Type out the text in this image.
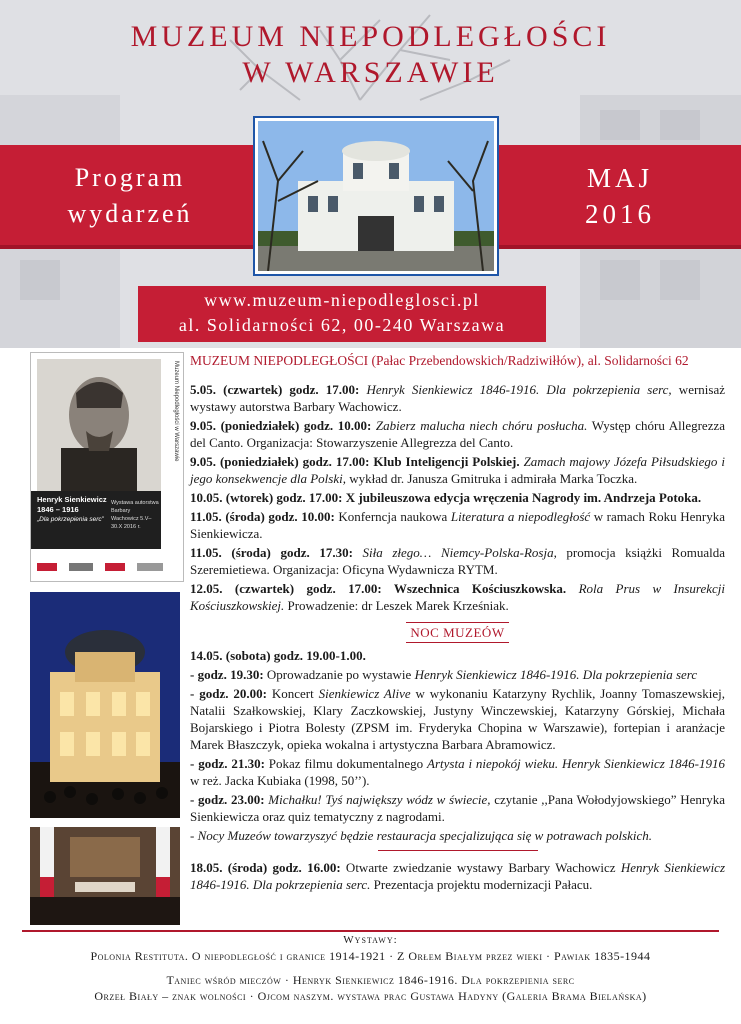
MUZEUM NIEPODLEGŁOŚCI
W WARSZAWIE
Program
wydarzeń
MAJ
2016
www.muzeum-niepodleglosci.pl
al. Solidarności 62, 00-240 Warszawa
Henryk Sienkiewicz
1846 – 1916
„Dla pokrzepienia serc”
Wystawa autorstwa Barbary Wachowicz 5.V–30.X 2016 r.
Muzeum Niepodległości w Warszawie

MUZEUM NIEPODLEGŁOŚCI (Pałac Przebendowskich/Radziwiłłów), al. Solidarności 62

5.05. (czwartek) godz. 17.00: Henryk Sienkiewicz 1846-1916. Dla pokrzepienia serc, wernisaż wystawy autorstwa Barbary Wachowicz.

9.05. (poniedziałek) godz. 10.00: Zabierz malucha niech chóru posłucha. Występ chóru Allegrezza del Canto. Organizacja: Stowarzyszenie Allegrezza del Canto.

9.05. (poniedziałek) godz. 17.00: Klub Inteligencji Polskiej. Zamach majowy Józefa Piłsudskiego i jego konsekwencje dla Polski, wykład dr. Janusza Gmitruka i admirała Marka Toczka.

10.05. (wtorek) godz. 17.00: X jubileuszowa edycja wręczenia Nagrody im. Andrzeja Potoka.

11.05. (środa) godz. 10.00: Konferncja naukowa Literatura a niepodległość w ramach Roku Henryka Sienkiewicza.

11.05. (środa) godz. 17.30: Siła złego… Niemcy-Polska-Rosja, promocja książki Romualda Szeremietiewa. Organizacja: Oficyna Wydawnicza RYTM.

12.05. (czwartek) godz. 17.00: Wszechnica Kościuszkowska. Rola Prus w Insurekcji Kościuszkowskiej. Prowadzenie: dr Leszek Marek Krześniak.

NOC MUZEÓW

14.05. (sobota) godz. 19.00-1.00.

- godz. 19.30: Oprowadzanie po wystawie Henryk Sienkiewicz 1846-1916. Dla pokrzepienia serc

- godz. 20.00: Koncert Sienkiewicz Alive w wykonaniu Katarzyny Rychlik, Joanny Tomaszewskiej, Natalii Szałkowskiej, Klary Zaczkowskiej, Justyny Winczewskiej, Katarzyny Górskiej, Michała Bojarskiego i Piotra Bolesty (ZPSM im. Fryderyka Chopina w Warszawie), fortepian i aranżacje Marek Błaszczyk, opieka wokalna i artystyczna Barbara Abramowicz.

- godz. 21.30: Pokaz filmu dokumentalnego Artysta i niepokój wieku. Henryk Sienkiewicz 1846-1916 w reż. Jacka Kubiaka (1998, 50’’).

- godz. 23.00: Michałku! Tyś największy wódz w świecie, czytanie ,,Pana Wołodyjowskiego” Henryka Sienkiewicza oraz quiz tematyczny z nagrodami.

- Nocy Muzeów towarzyszyć będzie restauracja specjalizująca się w potrawach polskich.

18.05. (środa) godz. 16.00: Otwarte zwiedzanie wystawy Barbary Wachowicz Henryk Sienkiewicz 1846-1916. Dla pokrzepienia serc. Prezentacja projektu modernizacji Pałacu.

Wystawy:
Polonia Restituta. O niepodległość i granice 1914-1921 · Z Orłem Białym przez wieki · Pawiak 1835-1944
Taniec wśród mieczów · Henryk Sienkiewicz 1846-1916. Dla pokrzepienia serc
Orzeł Biały – znak wolności · Ojcom naszym. wystawa prac Gustawa Hadyny (Galeria Brama Bielańska)
